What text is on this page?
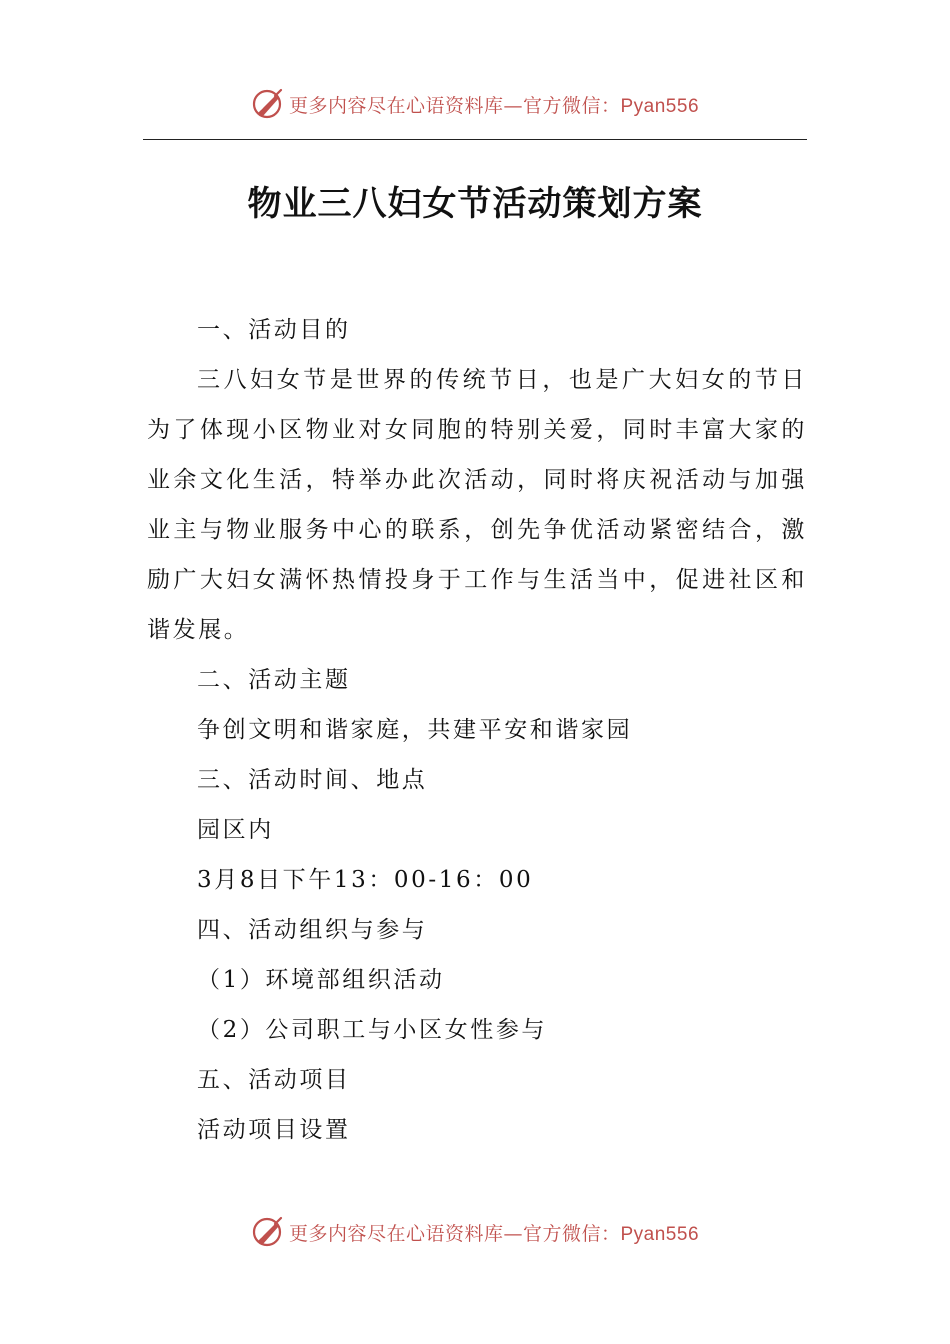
更多内容尽在心语资料库—官方微信：Pyan556
物业三八妇女节活动策划方案
一、活动目的

三八妇女节是世界的传统节日，也是广大妇女的节日为了体现小区物业对女同胞的特别关爱，同时丰富大家的业余文化生活，特举办此次活动，同时将庆祝活动与加强业主与物业服务中心的联系，创先争优活动紧密结合，激励广大妇女满怀热情投身于工作与生活当中，促进社区和谐发展。

二、活动主题
争创文明和谐家庭，共建平安和谐家园
三、活动时间、地点
园区内
3月8日下午13：00-16：00
四、活动组织与参与
（1）环境部组织活动
（2）公司职工与小区女性参与
五、活动项目
活动项目设置
更多内容尽在心语资料库—官方微信：Pyan556
